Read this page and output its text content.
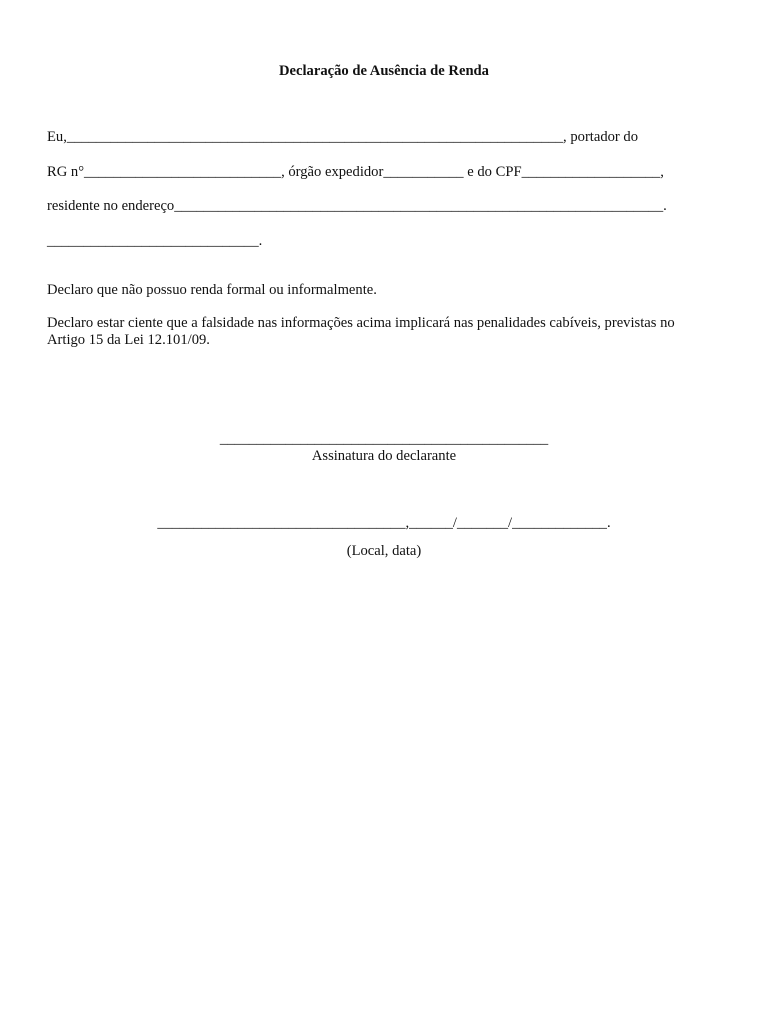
Declaração de Ausência de Renda
Eu,____________________________________________________________________, portador do
RG n°___________________________, órgão expedidor___________ e do CPF___________________,
residente no endereço___________________________________________________________________.
_____________________________.
Declaro que não possuo renda formal ou informalmente.
Declaro estar ciente que a falsidade nas informações acima implicará nas penalidades cabíveis, previstas no
Artigo 15 da Lei 12.101/09.
_____________________________________________
Assinatura do declarante
__________________________________,______/_______/_____________.
(Local, data)
